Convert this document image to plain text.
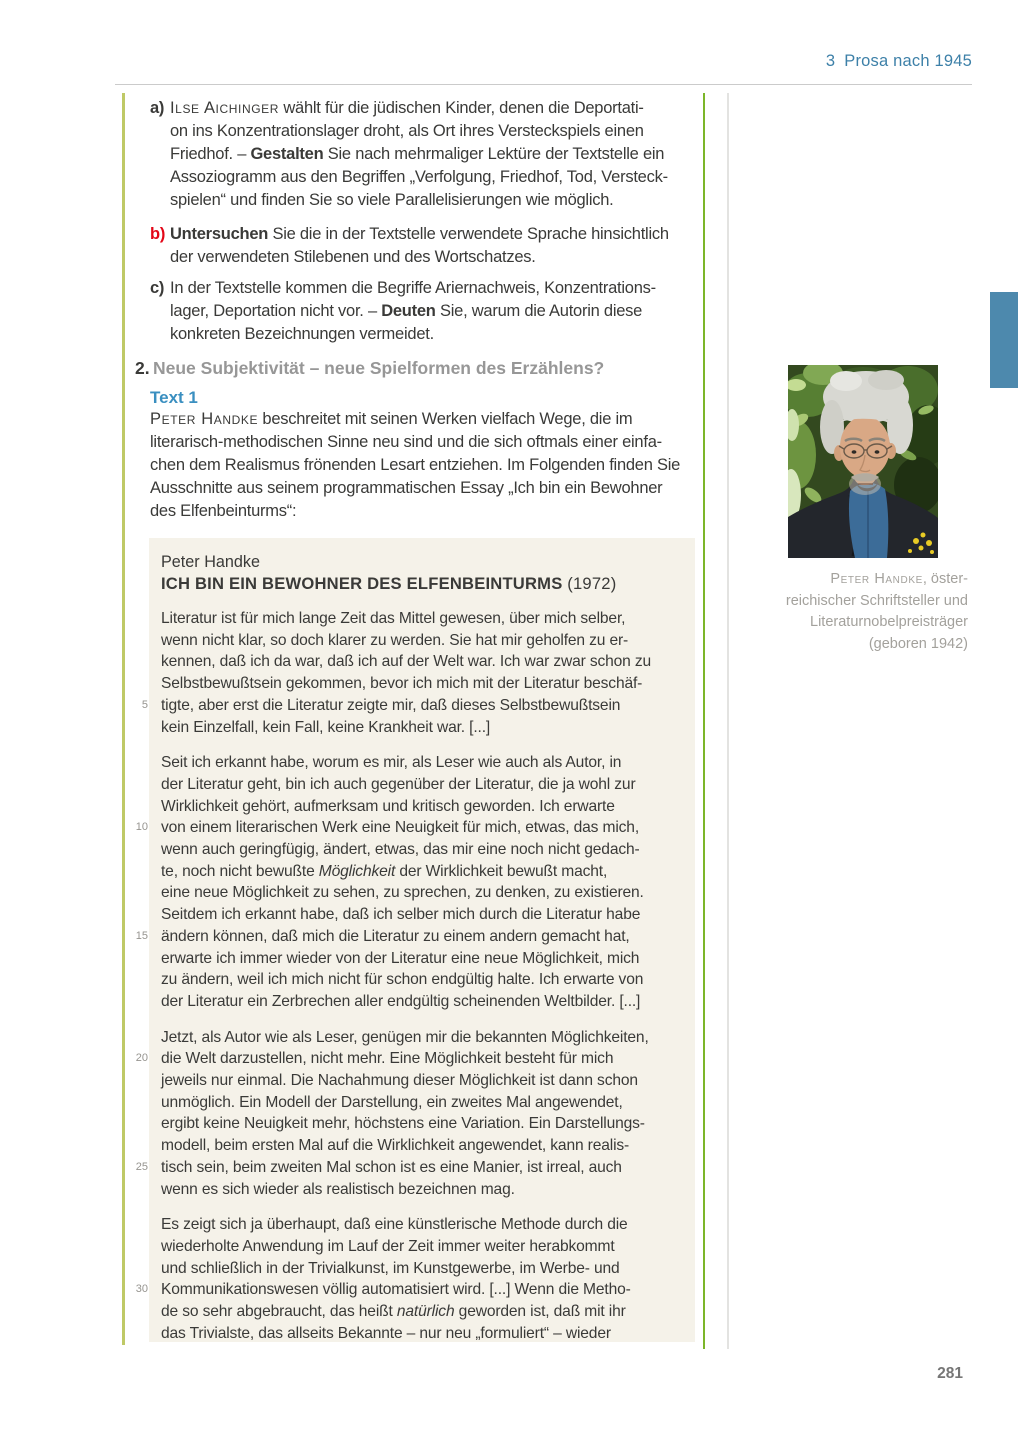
3 Prosa nach 1945
a) Ilse Aichinger wählt für die jüdischen Kinder, denen die Deportati-
on ins Konzentrationslager droht, als Ort ihres Versteckspiels einen
Friedhof. – Gestalten Sie nach mehrmaliger Lektüre der Textstelle ein
Assoziogramm aus den Begriffen „Verfolgung, Friedhof, Tod, Versteck-
spielen“ und finden Sie so viele Parallelisierungen wie möglich.
b) Untersuchen Sie die in der Textstelle verwendete Sprache hinsichtlich
der verwendeten Stilebenen und des Wortschatzes.
c) In der Textstelle kommen die Begriffe Ariernachweis, Konzentrations-
lager, Deportation nicht vor. – Deuten Sie, warum die Autorin diese
konkreten Bezeichnungen vermeidet.
2. Neue Subjektivität – neue Spielformen des Erzählens?
Text 1
Peter Handke beschreitet mit seinen Werken vielfach Wege, die im
literarisch-methodischen Sinne neu sind und die sich oftmals einer einfa-
chen dem Realismus frönenden Lesart entziehen. Im Folgenden finden Sie
Ausschnitte aus seinem programmatischen Essay „Ich bin ein Bewohner
des Elfenbeinturms“:
Peter Handke
ICH BIN EIN BEWOHNER DES ELFENBEINTURMS (1972)
Literatur ist für mich lange Zeit das Mittel gewesen, über mich selber,
wenn nicht klar, so doch klarer zu werden. Sie hat mir geholfen zu er-
kennen, daß ich da war, daß ich auf der Welt war. Ich war zwar schon zu
Selbstbewußtsein gekommen, bevor ich mich mit der Literatur beschäf-
5 tigte, aber erst die Literatur zeigte mir, daß dieses Selbstbewußtsein
kein Einzelfall, kein Fall, keine Krankheit war. [...]
Seit ich erkannt habe, worum es mir, als Leser wie auch als Autor, in
der Literatur geht, bin ich auch gegenüber der Literatur, die ja wohl zur
Wirklichkeit gehört, aufmerksam und kritisch geworden. Ich erwarte
10 von einem literarischen Werk eine Neuigkeit für mich, etwas, das mich,
wenn auch geringfügig, ändert, etwas, das mir eine noch nicht gedach-
te, noch nicht bewußte Möglichkeit der Wirklichkeit bewußt macht,
eine neue Möglichkeit zu sehen, zu sprechen, zu denken, zu existieren.
Seitdem ich erkannt habe, daß ich selber mich durch die Literatur habe
15 ändern können, daß mich die Literatur zu einem andern gemacht hat,
erwarte ich immer wieder von der Literatur eine neue Möglichkeit, mich
zu ändern, weil ich mich nicht für schon endgültig halte. Ich erwarte von
der Literatur ein Zerbrechen aller endgültig scheinenden Weltbilder. [...]
Jetzt, als Autor wie als Leser, genügen mir die bekannten Möglichkeiten,
20 die Welt darzustellen, nicht mehr. Eine Möglichkeit besteht für mich
jeweils nur einmal. Die Nachahmung dieser Möglichkeit ist dann schon
unmöglich. Ein Modell der Darstellung, ein zweites Mal angewendet,
ergibt keine Neuigkeit mehr, höchstens eine Variation. Ein Darstellungs-
modell, beim ersten Mal auf die Wirklichkeit angewendet, kann realis-
25 tisch sein, beim zweiten Mal schon ist es eine Manier, ist irreal, auch
wenn es sich wieder als realistisch bezeichnen mag.
Es zeigt sich ja überhaupt, daß eine künstlerische Methode durch die
wiederholte Anwendung im Lauf der Zeit immer weiter herabkommt
und schließlich in der Trivialkunst, im Kunstgewerbe, im Werbe- und
30 Kommunikationswesen völlig automatisiert wird. [...] Wenn die Metho-
de so sehr abgebraucht, das heißt natürlich geworden ist, daß mit ihr
das Trivialste, das allseits Bekannte – nur neu „formuliert“ – wieder
Peter Handke, öster-
reichischer Schriftsteller und
Literaturnobelpreisträger
(geboren 1942)
281
